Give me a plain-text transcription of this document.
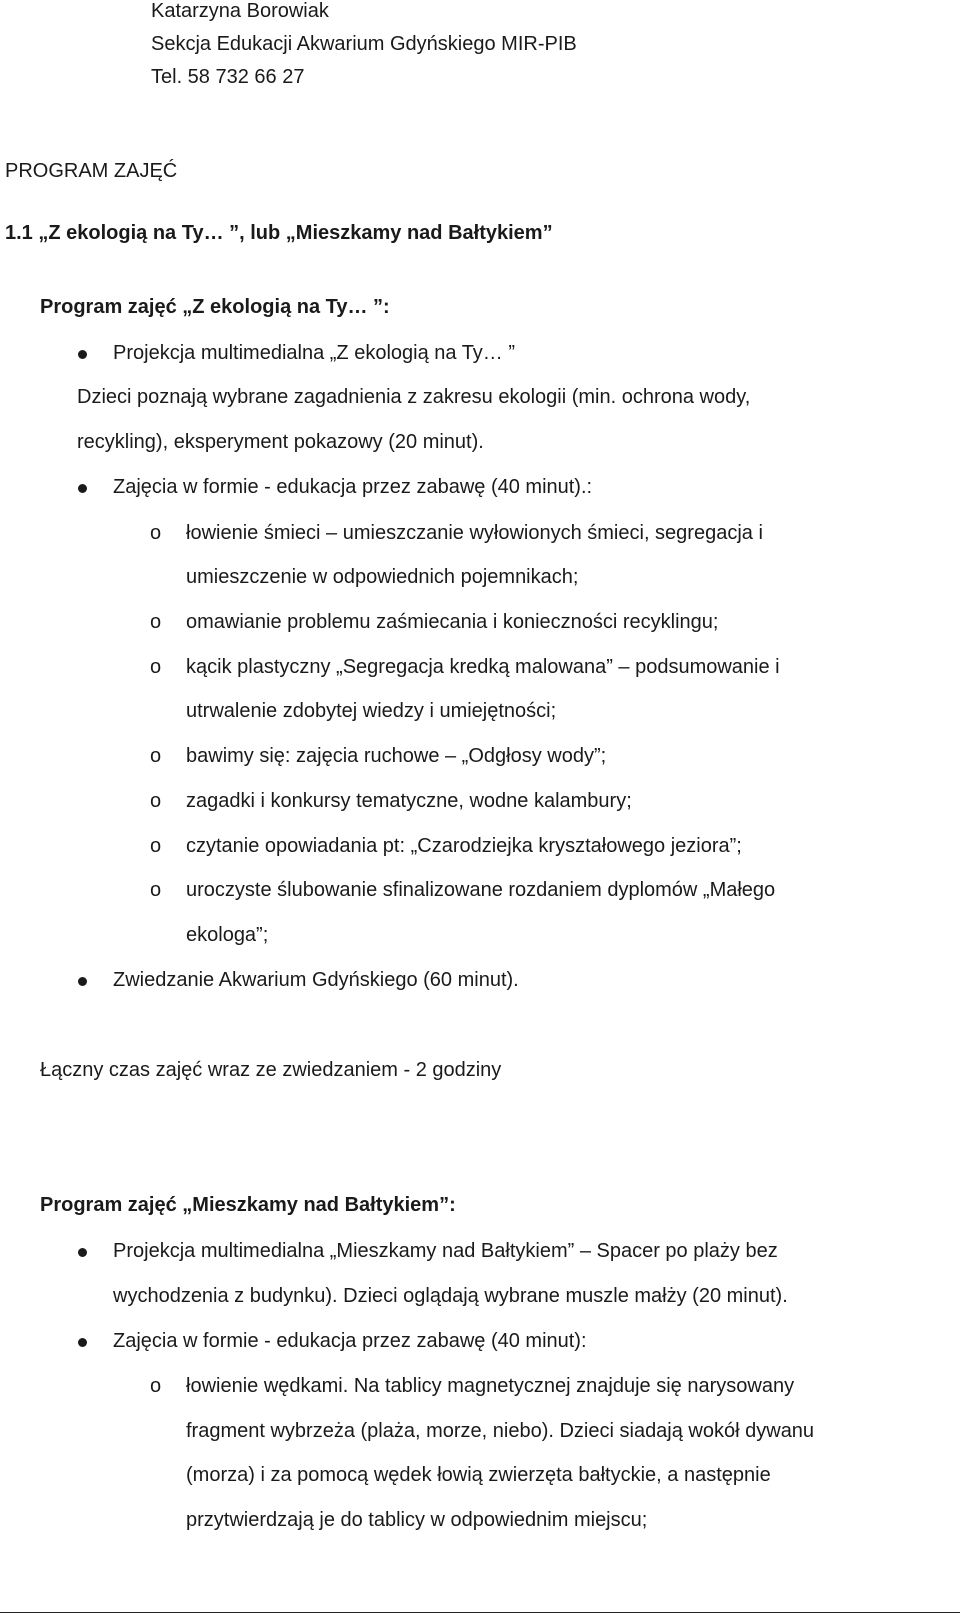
Katarzyna Borowiak
Sekcja Edukacji Akwarium Gdyńskiego MIR-PIB
Tel. 58 732 66 27
PROGRAM ZAJĘĆ
1.1 „Z ekologią na Ty… ”, lub „Mieszkamy nad Bałtykiem”
Program zajęć „Z ekologią na Ty… ”:
Projekcja multimedialna „Z ekologią na Ty… ”
Dzieci poznają wybrane zagadnienia z zakresu ekologii (min. ochrona wody,
recykling), eksperyment pokazowy (20 minut).
Zajęcia w formie - edukacja przez zabawę (40 minut).:
o łowienie śmieci – umieszczanie wyłowionych śmieci, segregacja i
umieszczenie w odpowiednich pojemnikach;
o omawianie problemu zaśmiecania i konieczności recyklingu;
o kącik plastyczny „Segregacja kredką malowana” – podsumowanie i
utrwalenie zdobytej wiedzy i umiejętności;
o bawimy się: zajęcia ruchowe – „Odgłosy wody”;
o zagadki i konkursy tematyczne, wodne kalambury;
o czytanie opowiadania pt: „Czarodziejka kryształowego jeziora”;
o uroczyste ślubowanie sfinalizowane rozdaniem dyplomów „Małego
ekologa”;
Zwiedzanie Akwarium Gdyńskiego (60 minut).
Łączny czas zajęć wraz ze zwiedzaniem - 2 godziny
Program zajęć „Mieszkamy nad Bałtykiem”:
Projekcja multimedialna „Mieszkamy nad Bałtykiem” – Spacer po plaży bez
wychodzenia z budynku). Dzieci oglądają wybrane muszle małży (20 minut).
Zajęcia w formie - edukacja przez zabawę (40 minut):
o łowienie wędkami. Na tablicy magnetycznej znajduje się narysowany
fragment wybrzeża (plaża, morze, niebo). Dzieci siadają wokół dywanu
(morza) i za pomocą wędek łowią zwierzęta bałtyckie, a następnie
przytwierdzają je do tablicy w odpowiednim miejscu;
